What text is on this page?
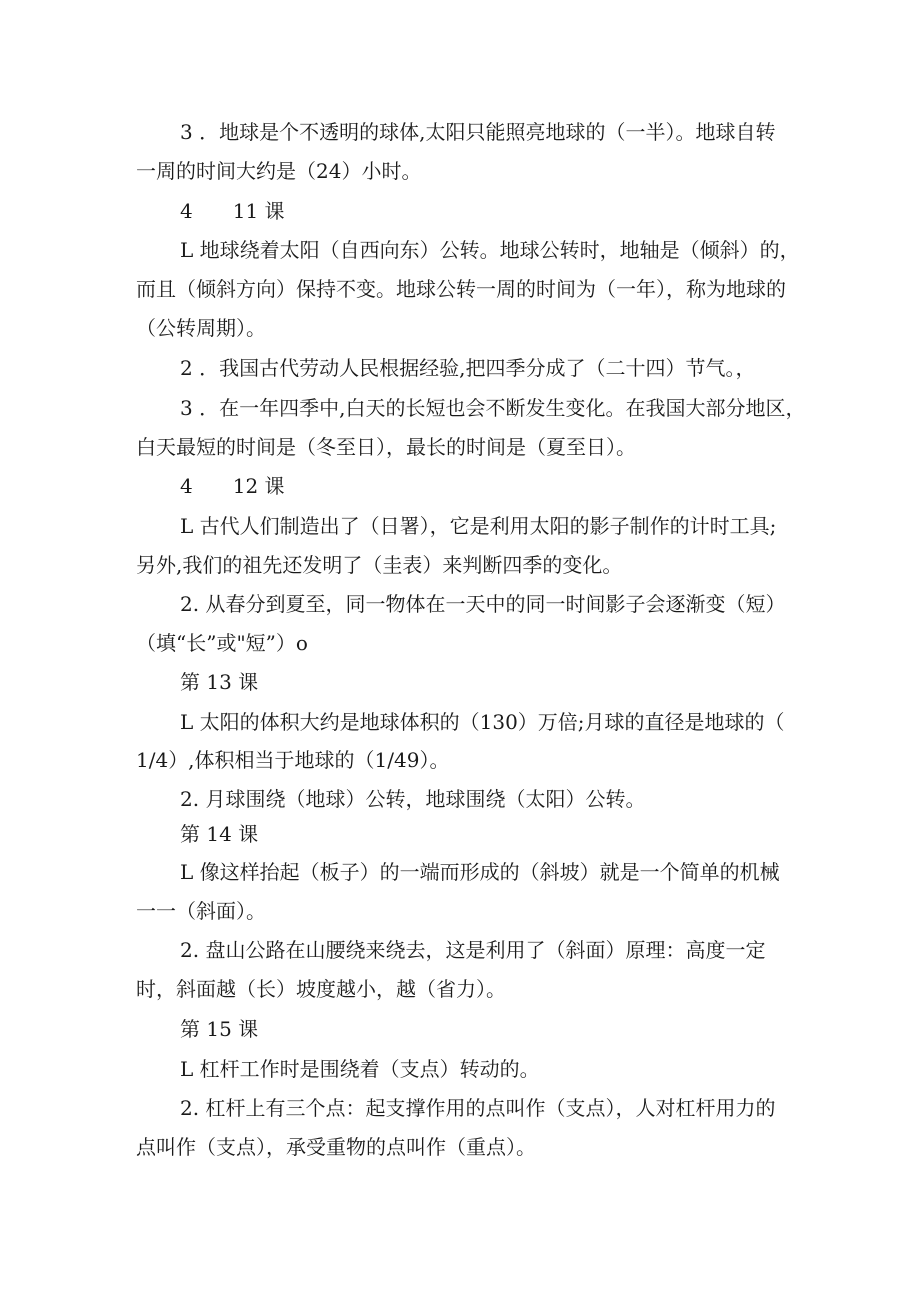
3 ．地球是个不透明的球体,太阳只能照亮地球的（一半）。地球自转

一周的时间大约是（24）小时。

4　　11 课

L 地球绕着太阳（自西向东）公转。地球公转时，地轴是（倾斜）的，

而且（倾斜方向）保持不变。地球公转一周的时间为（一年），称为地球的

（公转周期）。

2 ．我国古代劳动人民根据经验,把四季分成了（二十四）节气。，

3 ．在一年四季中,白天的长短也会不断发生变化。在我国大部分地区，

白天最短的时间是（冬至日），最长的时间是（夏至日）。

4　　12 课

L 古代人们制造出了（日署），它是利用太阳的影子制作的计时工具;

另外,我们的祖先还发明了（圭表）来判断四季的变化。

2. 从春分到夏至，同一物体在一天中的同一时间影子会逐渐变（短）

（填“长”或"短”）o

第 13 课

L 太阳的体积大约是地球体积的（130）万倍;月球的直径是地球的（

1/4）,体积相当于地球的（1/49）。

2. 月球围绕（地球）公转，地球围绕（太阳）公转。

第 14 课

L 像这样抬起（板子）的一端而形成的（斜坡）就是一个简单的机械

一一（斜面）。

2. 盘山公路在山腰绕来绕去，这是利用了（斜面）原理：高度一定

时，斜面越（长）坡度越小，越（省力）。

第 15 课

L 杠杆工作时是围绕着（支点）转动的。

2. 杠杆上有三个点：起支撑作用的点叫作（支点），人对杠杆用力的

点叫作（支点），承受重物的点叫作（重点）。
